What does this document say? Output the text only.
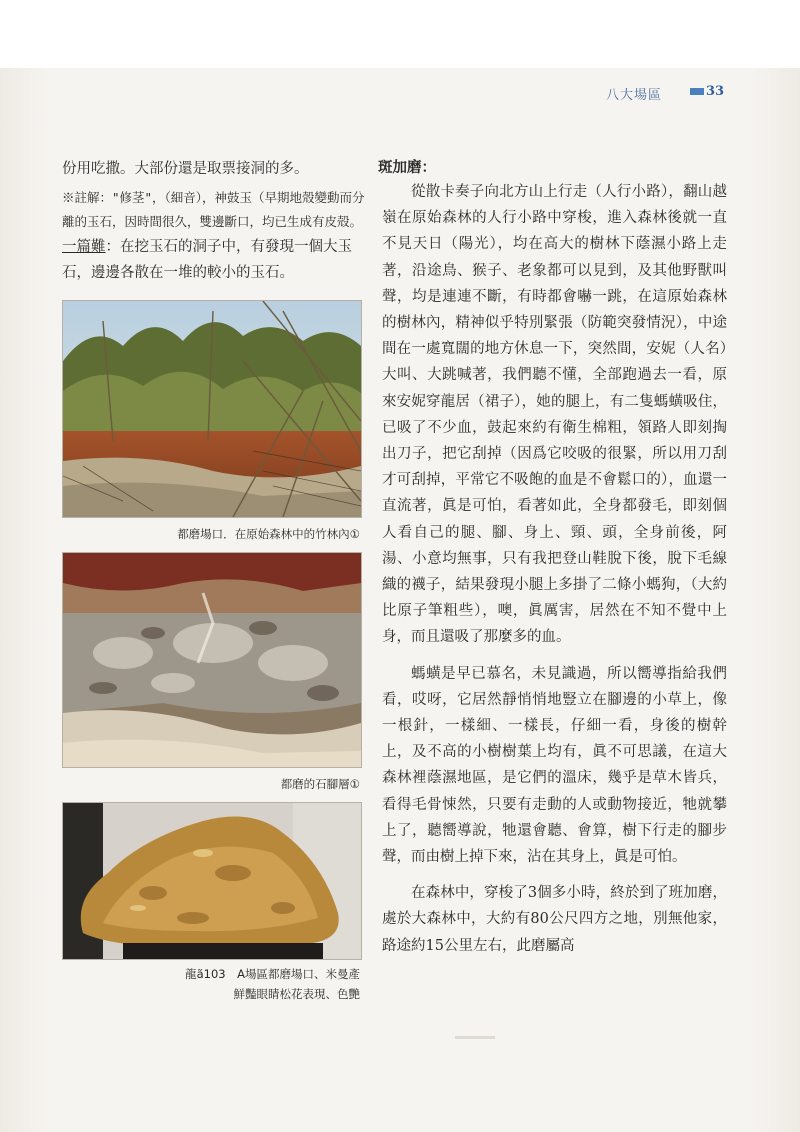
八大場區	33

份用吃撒。大部份還是取票接洞的多。

※註解："修茎"，（細音），神鼓玉（早期地殼變動而分離的玉石，因時間很久，雙邊斷口，均已生成有皮殻。

一篇難：在挖玉石的洞子中，有發現一個大玉石，邊邊各散在一堆的較小的玉石。

都磨場口．在原始森林中的竹林內①

都磨的石腳層①

龍ã103　A場區都磨場口、米曼產

鮮豔眼睛松花表現、色艷

斑加磨：

從散卡奏子向北方山上行走（人行小路），翻山越嶺在原始森林的人行小路中穿梭，進入森林後就一直不見天日（陽光），均在高大的樹林下蔭濕小路上走著，沿途鳥、猴子、老象都可以見到，及其他野獸叫聲，均是連連不斷，有時都會嚇一跳，在這原始森林的樹林內，精神似乎特別緊張（防範突發情況），中途間在一處寬闊的地方休息一下，突然間，安妮（人名）大叫、大跳喊著，我們聽不懂，全部跑過去一看，原來安妮穿龍居（裙子），她的腿上，有二隻螞蟥吸住，已吸了不少血，鼓起來約有衛生棉粗，領路人即刻掏出刀子，把它刮掉（因爲它咬吸的很緊，所以用刀刮才可刮掉，平常它不吸飽的血是不會鬆口的），血還一直流著，眞是可怕，看著如此，全身都發毛，即刻個人看自己的腿、腳、身上、頸、頭，全身前後，阿湯、小意均無事，只有我把登山鞋脫下後，脫下毛線織的襪子，結果發現小腿上多掛了二條小螞狗，（大約比原子筆粗些），噢，眞厲害，居然在不知不覺中上身，而且還吸了那麼多的血。

螞蟥是早已慕名，未見識過，所以嚮導指給我們看，哎呀，它居然靜悄悄地豎立在腳邊的小草上，像一根針，一樣細、一樣長，仔細一看，身後的樹幹上，及不高的小樹樹葉上均有，眞不可思議，在這大森林裡蔭濕地區，是它們的溫床，幾乎是草木皆兵，看得毛骨悚然，只要有走動的人或動物接近，牠就攀上了，聽嚮導說，牠還會聽、會算，樹下行走的腳步聲，而由樹上掉下來，沾在其身上，眞是可怕。

在森林中，穿梭了3個多小時，終於到了班加磨，處於大森林中，大約有80公尺四方之地，別無他家，路途約15公里左右，此磨屬高
